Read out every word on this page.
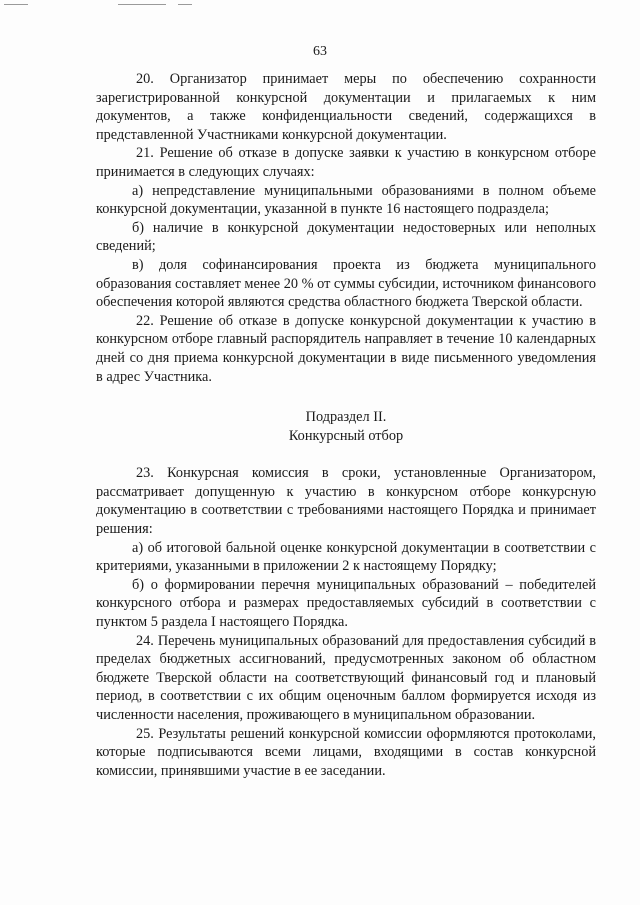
63

20. Организатор принимает меры по обеспечению сохранности зарегистрированной конкурсной документации и прилагаемых к ним документов, а также конфиденциальности сведений, содержащихся в представленной Участниками конкурсной документации.

21. Решение об отказе в допуске заявки к участию в конкурсном отборе принимается в следующих случаях:

а) непредставление муниципальными образованиями в полном объеме конкурсной документации, указанной в пункте 16 настоящего подраздела;

б) наличие в конкурсной документации недостоверных или неполных сведений;

в) доля софинансирования проекта из бюджета муниципального образования составляет менее 20 % от суммы субсидии, источником финансового обеспечения которой являются средства областного бюджета Тверской области.

22. Решение об отказе в допуске конкурсной документации к участию в конкурсном отборе главный распорядитель направляет в течение 10 календарных дней со дня приема конкурсной документации в виде письменного уведомления в адрес Участника.

Подраздел II.

Конкурсный отбор

23. Конкурсная комиссия в сроки, установленные Организатором, рассматривает допущенную к участию в конкурсном отборе конкурсную документацию в соответствии с требованиями настоящего Порядка и принимает решения:

а) об итоговой бальной оценке конкурсной документации в соответствии с критериями, указанными в приложении 2 к настоящему Порядку;

б) о формировании перечня муниципальных образований – победителей конкурсного отбора и размерах предоставляемых субсидий в соответствии с пунктом 5 раздела I настоящего Порядка.

24. Перечень муниципальных образований для предоставления субсидий в пределах бюджетных ассигнований, предусмотренных законом об областном бюджете Тверской области на соответствующий финансовый год и плановый период, в соответствии с их общим оценочным баллом формируется исходя из численности населения, проживающего в муниципальном образовании.

25. Результаты решений конкурсной комиссии оформляются протоколами, которые подписываются всеми лицами, входящими в состав конкурсной комиссии, принявшими участие в ее заседании.
